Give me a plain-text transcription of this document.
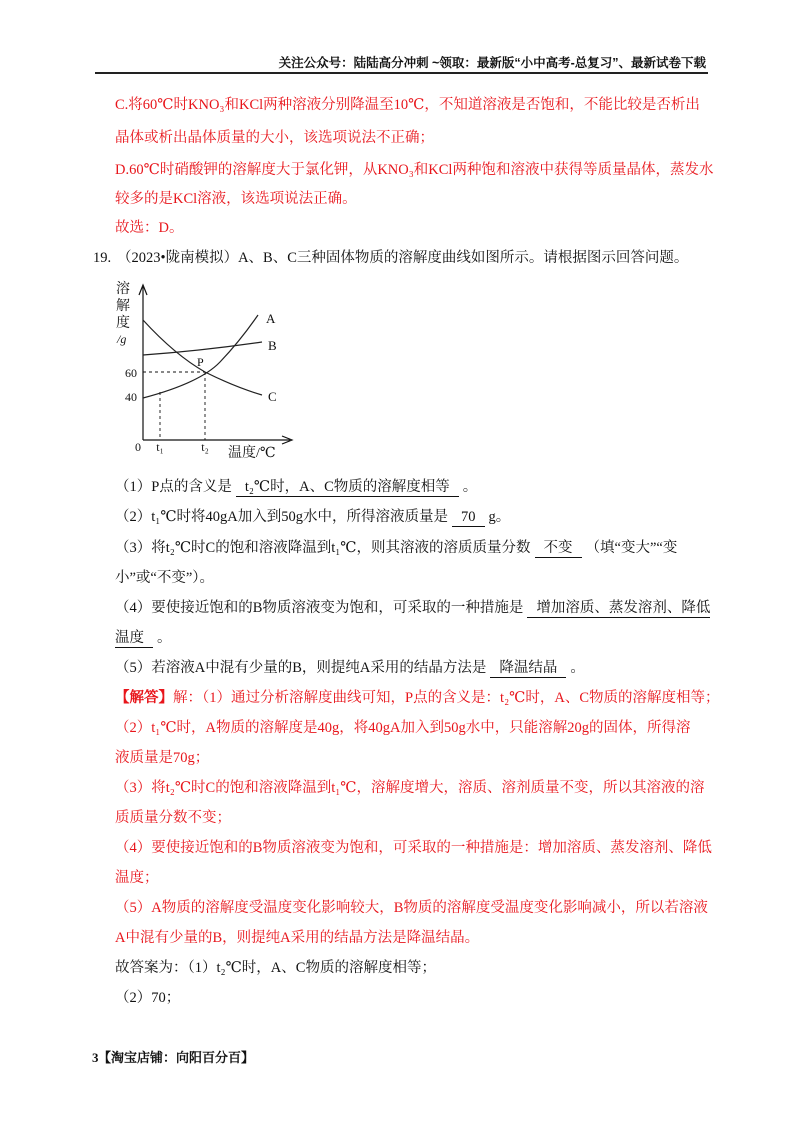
关注公众号：陆陆高分冲刺 ~领取：最新版“小中高考-总复习”、最新试卷下载
C.将60℃时KNO₃和KCl两种溶液分别降温至10℃，不知道溶液是否饱和，不能比较是否析出
晶体或析出晶体质量的大小，该选项说法不正确；
D.60℃时硝酸钾的溶解度大于氯化钾，从KNO₃和KCl两种饱和溶液中获得等质量晶体，蒸发水
较多的是KCl溶液，该选项说法正确。
故选：D。
19. （2023•陇南模拟）A、B、C三种固体物质的溶解度曲线如图所示。请根据图示回答问题。
溶
解
度
/g
60
40
0 t₁	t₂ 温度/℃
A
B
C
P
（1）P点的含义是 t₂℃时，A、C物质的溶解度相等 。
（2）t₁℃时将40gA加入到50g水中，所得溶液质量是 70 g。
（3）将t₂℃时C的饱和溶液降温到t₁℃，则其溶液的溶质质量分数 不变 （填“变大”“变
小”或“不变”）。
（4）要使接近饱和的B物质溶液变为饱和，可采取的一种措施是 增加溶质、蒸发溶剂、降低
温度 。
（5）若溶液A中混有少量的B，则提纯A采用的结晶方法是 降温结晶 。
【解答】解：（1）通过分析溶解度曲线可知，P点的含义是：t₂℃时，A、C物质的溶解度相等；
（2）t₁℃时，A物质的溶解度是40g，将40gA加入到50g水中，只能溶解20g的固体，所得溶
液质量是70g；
（3）将t₂℃时C的饱和溶液降温到t₁℃，溶解度增大，溶质、溶剂质量不变，所以其溶液的溶
质质量分数不变；
（4）要使接近饱和的B物质溶液变为饱和，可采取的一种措施是：增加溶质、蒸发溶剂、降低
温度；
（5）A物质的溶解度受温度变化影响较大，B物质的溶解度受温度变化影响减小，所以若溶液
A中混有少量的B，则提纯A采用的结晶方法是降温结晶。
故答案为：（1）t₂℃时，A、C物质的溶解度相等；
（2）70；
3 【淘宝店铺：向阳百分百】
